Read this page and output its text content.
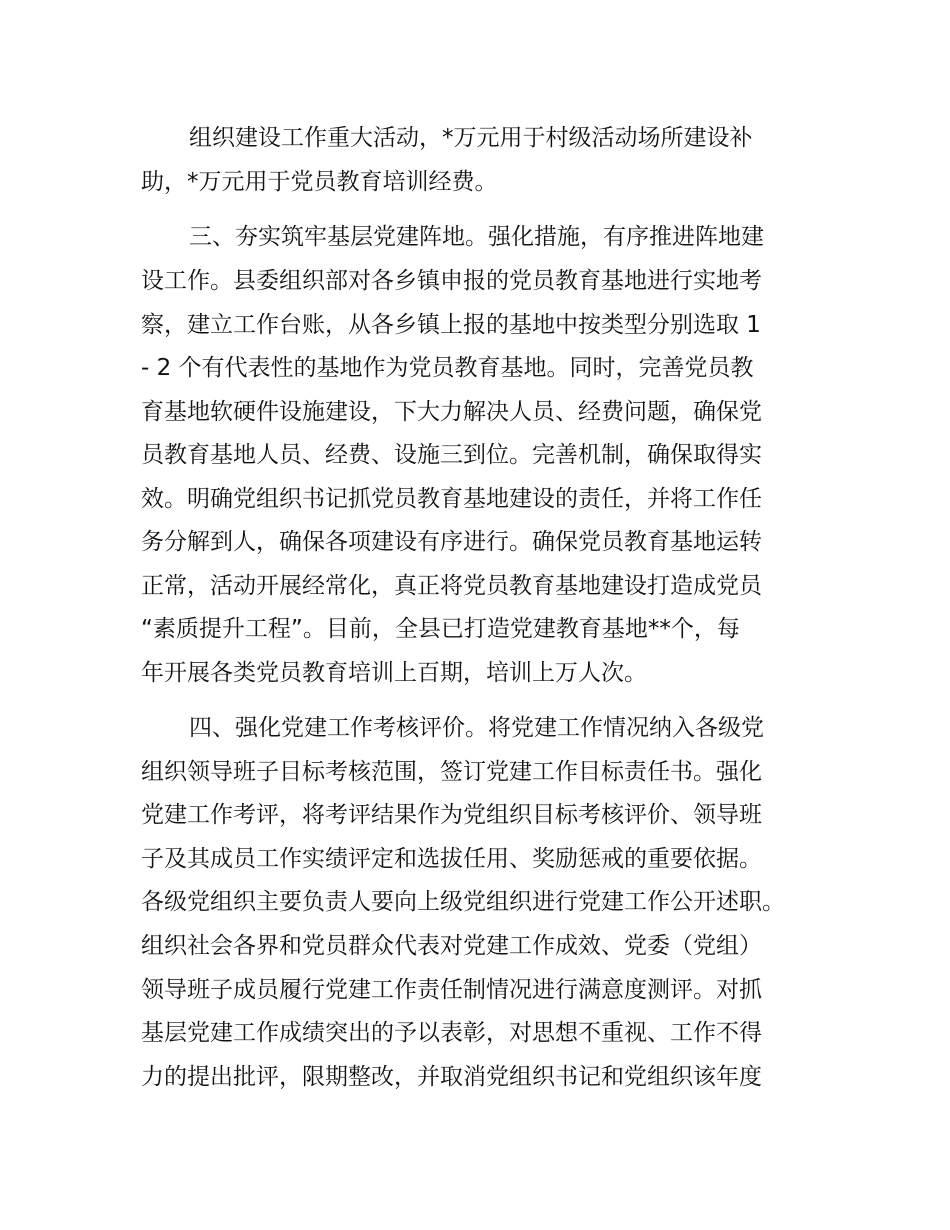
组织建设工作重大活动，*万元用于村级活动场所建设补
助，*万元用于党员教育培训经费。
三、夯实筑牢基层党建阵地。强化措施，有序推进阵地建
设工作。县委组织部对各乡镇申报的党员教育基地进行实地考
察，建立工作台账，从各乡镇上报的基地中按类型分别选取 1
- 2 个有代表性的基地作为党员教育基地。同时，完善党员教
育基地软硬件设施建设，下大力解决人员、经费问题，确保党
员教育基地人员、经费、设施三到位。完善机制，确保取得实
效。明确党组织书记抓党员教育基地建设的责任，并将工作任
务分解到人，确保各项建设有序进行。确保党员教育基地运转
正常，活动开展经常化，真正将党员教育基地建设打造成党员
“素质提升工程”。目前，全县已打造党建教育基地**个，每
年开展各类党员教育培训上百期，培训上万人次。
四、强化党建工作考核评价。将党建工作情况纳入各级党
组织领导班子目标考核范围，签订党建工作目标责任书。强化
党建工作考评，将考评结果作为党组织目标考核评价、领导班
子及其成员工作实绩评定和选拔任用、奖励惩戒的重要依据。
各级党组织主要负责人要向上级党组织进行党建工作公开述职。
组织社会各界和党员群众代表对党建工作成效、党委（党组）
领导班子成员履行党建工作责任制情况进行满意度测评。对抓
基层党建工作成绩突出的予以表彰，对思想不重视、工作不得
力的提出批评，限期整改，并取消党组织书记和党组织该年度
